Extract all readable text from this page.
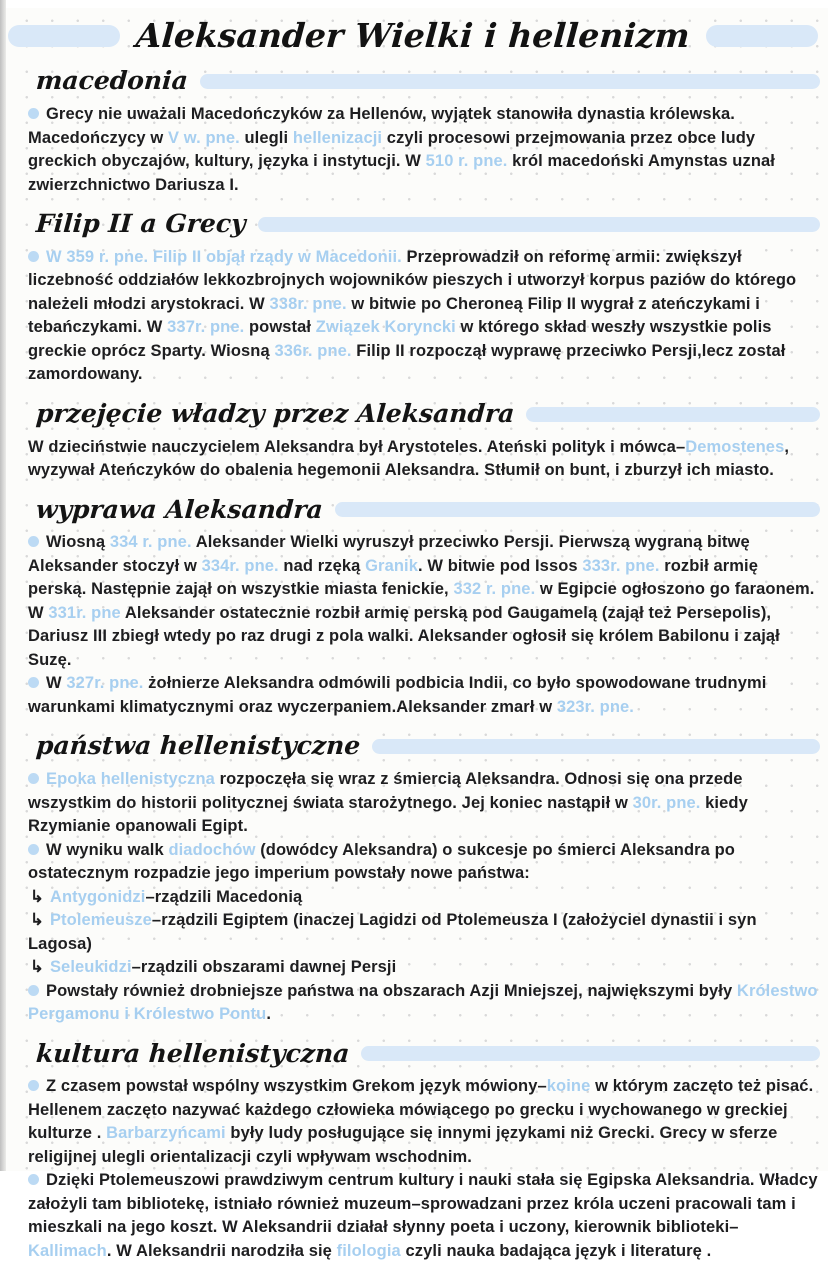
Aleksander Wielki i hellenizm
macedonia
Grecy nie uważali Macedończyków za Hellenów, wyjątek stanowiła dynastia królewska. Macedończycy w V w. pne. ulegli hellenizacji czyli procesowi przejmowania przez obce ludy greckich obyczajów, kultury, języka i instytucji. W 510 r. pne. król macedoński Amynstas uznał zwierzchnictwo Dariusza I.
Filip II a Grecy
W 359 r. pne. Filip II objął rządy w Macedonii. Przeprowadził on reformę armii: zwiększył liczebność oddziałów lekkozbrojnych wojowników pieszych i utworzył korpus paziów do którego należeli młodzi arystokraci. W 338r. pne. w bitwie po Cheroneą Filip II wygrał z ateńczykami i tebańczykami. W 337r. pne. powstał Związek Koryncki w którego skład weszły wszystkie polis greckie oprócz Sparty. Wiosną 336r. pne. Filip II rozpoczął wyprawę przeciwko Persji,lecz został zamordowany.
przejęcie władzy przez Aleksandra
W dzieciństwie nauczycielem Aleksandra był Arystoteles. Ateński polityk i mówca–Demostenes, wyzywał Ateńczyków do obalenia hegemonii Aleksandra. Stłumił on bunt, i zburzył ich miasto.
wyprawa Aleksandra
Wiosną 334 r. pne. Aleksander Wielki wyruszył przeciwko Persji. Pierwszą wygraną bitwę Aleksander stoczył w 334r. pne. nad rzęką Granik. W bitwie pod Issos 333r. pne. rozbił armię perską. Następnie zajął on wszystkie miasta fenickie, 332 r. pne. w Egipcie ogłoszono go faraonem. W 331r. pne Aleksander ostatecznie rozbił armię perską pod Gaugamelą (zajął też Persepolis), Dariusz III zbiegł wtedy po raz drugi z pola walki. Aleksander ogłosił się królem Babilonu i zajął Suzę.
W 327r. pne. żołnierze Aleksandra odmówili podbicia Indii, co było spowodowane trudnymi warunkami klimatycznymi oraz wyczerpaniem.Aleksander zmarł w 323r. pne.
państwa hellenistyczne
Epoka hellenistyczna rozpoczęła się wraz z śmiercią Aleksandra. Odnosi się ona przede wszystkim do historii politycznej świata starożytnego. Jej koniec nastąpił w 30r. pne. kiedy Rzymianie opanowali Egipt.
W wyniku walk diadochów (dowódcy Aleksandra) o sukcesje po śmierci Aleksandra po ostatecznym rozpadzie jego imperium powstały nowe państwa:
↳ Antygonidzi–rządzili Macedonią
↳ Ptolemeusze–rządzili Egiptem (inaczej Lagidzi od Ptolemeusza I (założyciel dynastii i syn Lagosa)
↳ Seleukidzi–rządzili obszarami dawnej Persji
Powstały również drobniejsze państwa na obszarach Azji Mniejszej, największymi były Królestwo Pergamonu i Królestwo Pontu.
kultura hellenistyczna
Z czasem powstał wspólny wszystkim Grekom język mówiony–koine w którym zaczęto też pisać. Hellenem zaczęto nazywać każdego człowieka mówiącego po grecku i wychowanego w greckiej kulturze . Barbarzyńcami były ludy posługujące się innymi językami niż Grecki. Grecy w sferze religijnej ulegli orientalizacji czyli wpływam wschodnim.
Dzięki Ptolemeuszowi prawdziwym centrum kultury i nauki stała się Egipska Aleksandria. Władcy założyli tam bibliotekę, istniało również muzeum–sprowadzani przez króla uczeni pracowali tam i mieszkali na jego koszt. W Aleksandrii działał słynny poeta i uczony, kierownik biblioteki–Kallimach. W Aleksandrii narodziła się filologia czyli nauka badająca język i literaturę .
